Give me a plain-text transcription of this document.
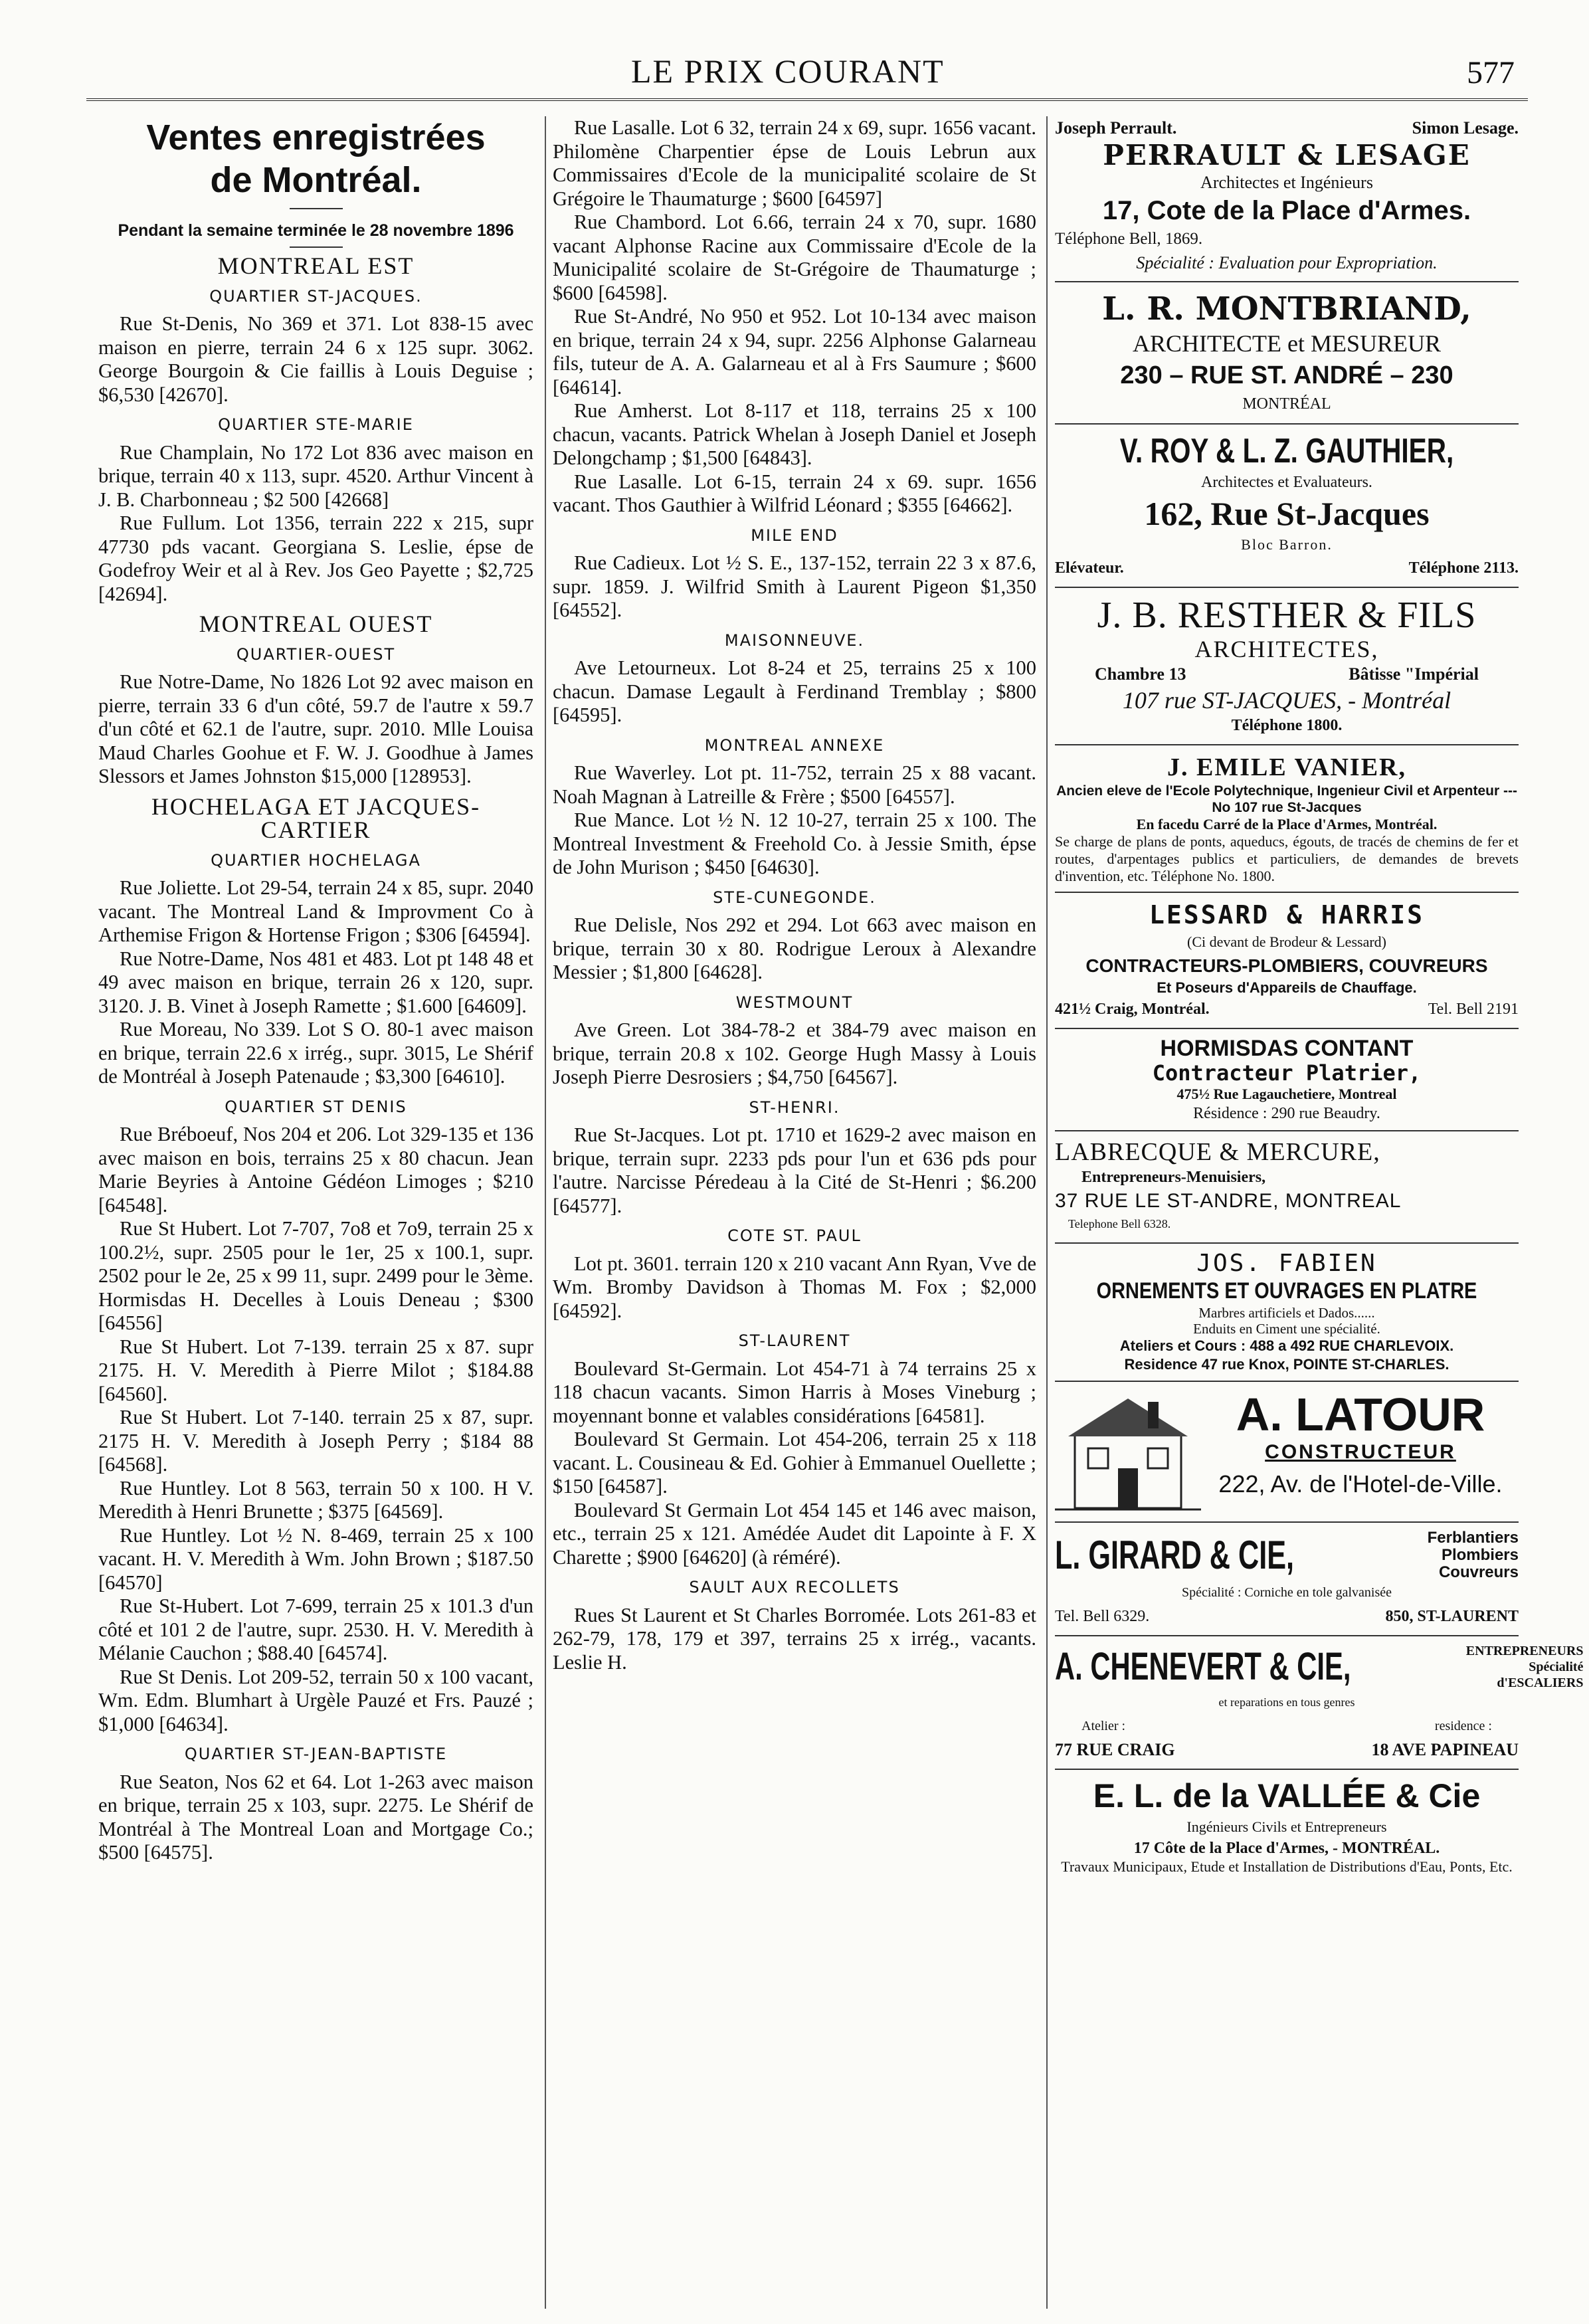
LE PRIX COURANT	577
Ventes enregistrées
de Montréal.
Pendant la semaine terminée le 28 novembre 1896
MONTREAL EST
QUARTIER ST-JACQUES.

Rue St-Denis, No 369 et 371. Lot 838-15 avec maison en pierre, terrain 24 6 x 125 supr. 3062. George Bourgoin & Cie faillis à Louis Deguise ; $6,530 [42670].

QUARTIER STE-MARIE

Rue Champlain, No 172 Lot 836 avec maison en brique, terrain 40 x 113, supr. 4520. Arthur Vincent à J. B. Charbonneau ; $2 500 [42668]

Rue Fullum. Lot 1356, terrain 222 x 215, supr 47730 pds vacant. Georgiana S. Leslie, épse de Godefroy Weir et al à Rev. Jos Geo Payette ; $2,725 [42694].

MONTREAL OUEST
QUARTIER-OUEST

Rue Notre-Dame, No 1826 Lot 92 avec maison en pierre, terrain 33 6 d'un côté, 59.7 de l'autre x 59.7 d'un côté et 62.1 de l'autre, supr. 2010. Mlle Louisa Maud Charles Goohue et F. W. J. Goodhue à James Slessors et James Johnston $15,000 [128953].

HOCHELAGA ET JACQUES-CARTIER
QUARTIER HOCHELAGA

Rue Joliette. Lot 29-54, terrain 24 x 85, supr. 2040 vacant. The Montreal Land & Improvment Co à Arthemise Frigon & Hortense Frigon ; $306 [64594].

Rue Notre-Dame, Nos 481 et 483. Lot pt 148 48 et 49 avec maison en brique, terrain 26 x 120, supr. 3120. J. B. Vinet à Joseph Ramette ; $1.600 [64609].

Rue Moreau, No 339. Lot S O. 80-1 avec maison en brique, terrain 22.6 x irrég., supr. 3015, Le Shérif de Montréal à Joseph Patenaude ; $3,300 [64610].

QUARTIER ST DENIS

Rue Bréboeuf, Nos 204 et 206. Lot 329-135 et 136 avec maison en bois, terrains 25 x 80 chacun. Jean Marie Beyries à Antoine Gédéon Limoges ; $210 [64548].

Rue St Hubert. Lot 7-707, 7o8 et 7o9, terrain 25 x 100.2½, supr. 2505 pour le 1er, 25 x 100.1, supr. 2502 pour le 2e, 25 x 99 11, supr. 2499 pour le 3ème. Hormisdas H. Decelles à Louis Deneau ; $300 [64556]

Rue St Hubert. Lot 7-139. terrain 25 x 87. supr 2175. H. V. Meredith à Pierre Milot ; $184.88 [64560].

Rue St Hubert. Lot 7-140. terrain 25 x 87, supr. 2175 H. V. Meredith à Joseph Perry ; $184 88 [64568].

Rue Huntley. Lot 8 563, terrain 50 x 100. H V. Meredith à Henri Brunette ; $375 [64569].

Rue Huntley. Lot ½ N. 8-469, terrain 25 x 100 vacant. H. V. Meredith à Wm. John Brown ; $187.50 [64570]

Rue St-Hubert. Lot 7-699, terrain 25 x 101.3 d'un côté et 101 2 de l'autre, supr. 2530. H. V. Meredith à Mélanie Cauchon ; $88.40 [64574].

Rue St Denis. Lot 209-52, terrain 50 x 100 vacant, Wm. Edm. Blumhart à Urgèle Pauzé et Frs. Pauzé ; $1,000 [64634].

QUARTIER ST-JEAN-BAPTISTE

Rue Seaton, Nos 62 et 64. Lot 1-263 avec maison en brique, terrain 25 x 103, supr. 2275. Le Shérif de Montréal à The Montreal Loan and Mortgage Co.; $500 [64575].

Rue Lasalle. Lot 6 32, terrain 24 x 69, supr. 1656 vacant. Philomène Charpentier épse de Louis Lebrun aux Commissaires d'Ecole de la municipalité scolaire de St Grégoire le Thaumaturge ; $600 [64597]

Rue Chambord. Lot 6.66, terrain 24 x 70, supr. 1680 vacant Alphonse Racine aux Commissaire d'Ecole de la Municipalité scolaire de St-Grégoire de Thaumaturge ; $600 [64598].

Rue St-André, No 950 et 952. Lot 10-134 avec maison en brique, terrain 24 x 94, supr. 2256 Alphonse Galarneau fils, tuteur de A. A. Galarneau et al à Frs Saumure ; $600 [64614].

Rue Amherst. Lot 8-117 et 118, terrains 25 x 100 chacun, vacants. Patrick Whelan à Joseph Daniel et Joseph Delongchamp ; $1,500 [64843].

Rue Lasalle. Lot 6-15, terrain 24 x 69. supr. 1656 vacant. Thos Gauthier à Wilfrid Léonard ; $355 [64662].

MILE END

Rue Cadieux. Lot ½ S. E., 137-152, terrain 22 3 x 87.6, supr. 1859. J. Wilfrid Smith à Laurent Pigeon $1,350 [64552].

MAISONNEUVE.

Ave Letourneux. Lot 8-24 et 25, terrains 25 x 100 chacun. Damase Legault à Ferdinand Tremblay ; $800 [64595].

MONTREAL ANNEXE

Rue Waverley. Lot pt. 11-752, terrain 25 x 88 vacant. Noah Magnan à Latreille & Frère ; $500 [64557].

Rue Mance. Lot ½ N. 12 10-27, terrain 25 x 100. The Montreal Investment & Freehold Co. à Jessie Smith, épse de John Murison ; $450 [64630].

STE-CUNEGONDE.

Rue Delisle, Nos 292 et 294. Lot 663 avec maison en brique, terrain 30 x 80. Rodrigue Leroux à Alexandre Messier ; $1,800 [64628].

WESTMOUNT

Ave Green. Lot 384-78-2 et 384-79 avec maison en brique, terrain 20.8 x 102. George Hugh Massy à Louis Joseph Pierre Desrosiers ; $4,750 [64567].

ST-HENRI.

Rue St-Jacques. Lot pt. 1710 et 1629-2 avec maison en brique, terrain supr. 2233 pds pour l'un et 636 pds pour l'autre. Narcisse Péredeau à la Cité de St-Henri ; $6.200 [64577].

COTE ST. PAUL

Lot pt. 3601. terrain 120 x 210 vacant Ann Ryan, Vve de Wm. Bromby Davidson à Thomas M. Fox ; $2,000 [64592].

ST-LAURENT

Boulevard St-Germain. Lot 454-71 à 74 terrains 25 x 118 chacun vacants. Simon Harris à Moses Vineburg ; moyennant bonne et valables considérations [64581].

Boulevard St Germain. Lot 454-206, terrain 25 x 118 vacant. L. Cousineau & Ed. Gohier à Emmanuel Ouellette ; $150 [64587].

Boulevard St Germain Lot 454 145 et 146 avec maison, etc., terrain 25 x 121. Amédée Audet dit Lapointe à F. X Charette ; $900 [64620] (à réméré).

SAULT AUX RECOLLETS

Rues St Laurent et St Charles Borromée. Lots 261-83 et 262-79, 178, 179 et 397, terrains 25 x irrég., vacants. Leslie H.

Joseph Perrault.	Simon Lesage.
PERRAULT & LESAGE
Architectes et Ingénieurs
17, Cote de la Place d'Armes.
Téléphone Bell, 1869.
Spécialité : Evaluation pour Expropriation.
L. R. MONTBRIAND,
ARCHITECTE et MESUREUR
230 – RUE ST. ANDRÉ – 230
MONTRÉAL
V. ROY & L. Z. GAUTHIER,
Architectes et Evaluateurs.
162, Rue St-Jacques
Bloc Barron.
Elévateur.	Téléphone 2113.
J. B. RESTHER & FILS
ARCHITECTES,
Chambre 13	Bâtisse "Impérial
107 rue ST-JACQUES, - Montréal
Téléphone 1800.
J. EMILE VANIER,
Ancien eleve de l'Ecole Polytechnique, Ingenieur Civil et Arpenteur --- No 107 rue St-Jacques
En facedu Carré de la Place d'Armes, Montréal.
Se charge de plans de ponts, aqueducs, égouts, de tracés de chemins de fer et routes, d'arpentages publics et particuliers, de demandes de brevets d'invention, etc. Téléphone No. 1800.
LESSARD & HARRIS
(Ci devant de Brodeur & Lessard)
CONTRACTEURS-PLOMBIERS, COUVREURS
Et Poseurs d'Appareils de Chauffage.
421½ Craig, Montréal.	Tel. Bell 2191
HORMISDAS CONTANT
Contracteur Platrier,
475½ Rue Lagauchetiere, Montreal
Résidence : 290 rue Beaudry.
LABRECQUE & MERCURE,
Entrepreneurs-Menuisiers,
37 RUE LE ST-ANDRE, MONTREAL
Telephone Bell 6328.
JOS. FABIEN
ORNEMENTS ET OUVRAGES EN PLATRE
Marbres artificiels et Dados......
Enduits en Ciment une spécialité.
Ateliers et Cours : 488 a 492 RUE CHARLEVOIX.
Residence 47 rue Knox, POINTE ST-CHARLES.
A. LATOUR
CONSTRUCTEUR
222, Av. de l'Hotel-de-Ville.
L. GIRARD & CIE,	Ferblantiers
Plombiers
Couvreurs
Spécialité : Corniche en tole galvanisée
Tel. Bell 6329.	850, ST-LAURENT
A. CHENEVERT & CIE,	ENTREPRENEURS
Spécialité d'ESCALIERS
et reparations en tous genres
Atelier :	residence :
77 RUE CRAIG	18 AVE PAPINEAU
E. L. de la VALLÉE & Cie
Ingénieurs Civils et Entrepreneurs
17 Côte de la Place d'Armes, - MONTRÉAL.
Travaux Municipaux, Etude et Installation de Distributions d'Eau, Ponts, Etc.
